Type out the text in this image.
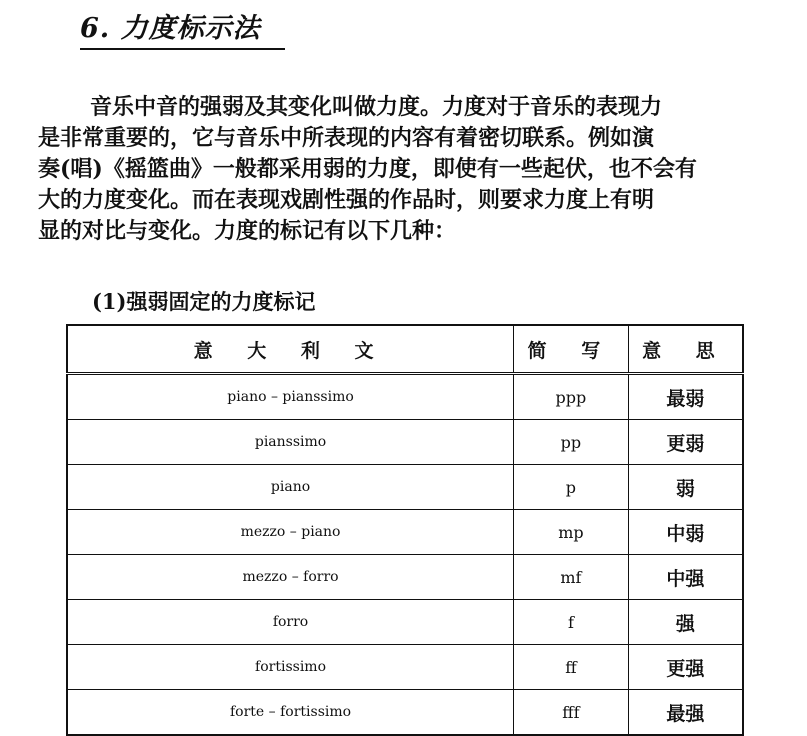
6. 力度标示法

音乐中音的强弱及其变化叫做力度。力度对于音乐的表现力
是非常重要的，它与音乐中所表现的内容有着密切联系。例如演
奏(唱)《摇篮曲》一般都采用弱的力度，即使有一些起伏，也不会有
大的力度变化。而在表现戏剧性强的作品时，则要求力度上有明
显的对比与变化。力度的标记有以下几种：

(1)强弱固定的力度标记
意 大 利 文	简 写	意 思
piano – pianssimo	ppp	最弱
pianssimo	pp	更弱
piano	p	弱
mezzo – piano	mp	中弱
mezzo – forro	mf	中强
forro	f	强
fortissimo	ff	更强
forte – fortissimo	fff	最强
